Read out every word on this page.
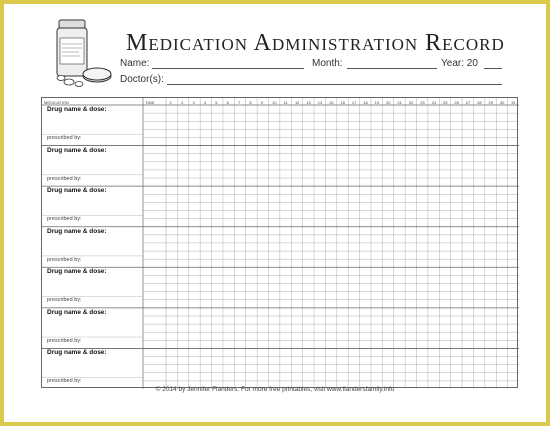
Medication Administration Record
Name:	Month:	Year: 20
Doctor(s):
MEDICATION	TIME	1 2 3 4 5 6 7 8 9 10 11 12 13 14 15 16 17 18 19 20 21 22 23 24 25 26 27 28 29 30 31
Drug name & dose:
prescribed by:
Drug name & dose:
prescribed by:
Drug name & dose:
prescribed by:
Drug name & dose:
prescribed by:
Drug name & dose:
prescribed by:
Drug name & dose:
prescribed by:
Drug name & dose:
prescribed by:
© 2014 by Jennifer Flanders. For more free printables, visit www.flandersfamily.info
